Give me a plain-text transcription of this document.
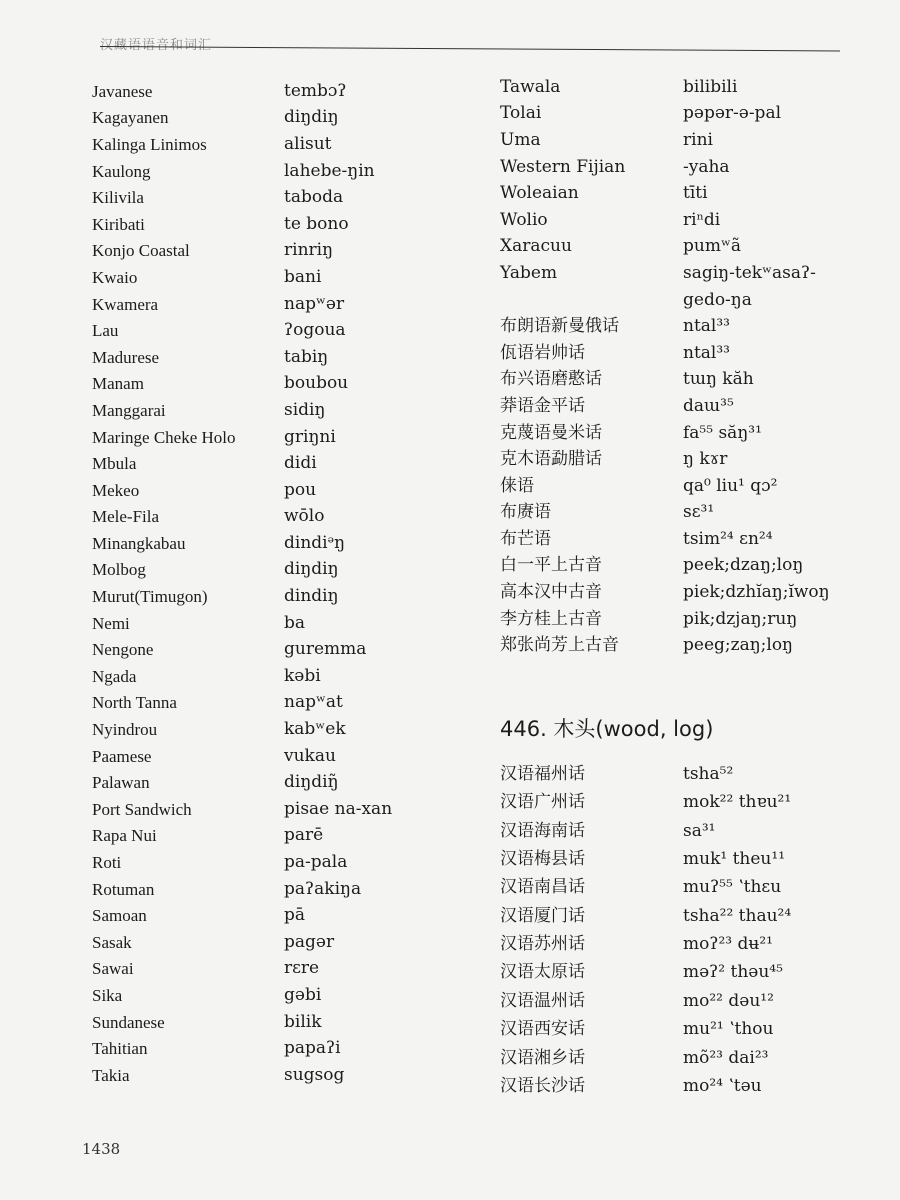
汉藏语语音和词汇
Javanese	tembɔʔ
Kagayanen	diŋdiŋ
Kalinga Linimos	alisut
Kaulong	lahebe-ŋin
Kilivila	taboda
Kiribati	te bono
Konjo Coastal	rinriŋ
Kwaio	bani
Kwamera	napʷər
Lau	ʔogoua
Madurese	tabiŋ
Manam	boubou
Manggarai	sidiŋ
Maringe Cheke Holo	griŋni
Mbula	didi
Mekeo	pou
Mele-Fila	wōlo
Minangkabau	dindiᵊŋ
Molbog	diŋdiŋ
Murut(Timugon)	dindiŋ
Nemi	ba
Nengone	guremma
Ngada	kəbi
North Tanna	napʷat
Nyindrou	kabʷek
Paamese	vukau
Palawan	diŋdiŋ̃
Port Sandwich	pisae na-xan
Rapa Nui	parē
Roti	pa-pala
Rotuman	paʔakiŋa
Samoan	pā
Sasak	pagər
Sawai	rɛre
Sika	gəbi
Sundanese	bilik
Tahitian	papaʔi
Takia	sugsog
Tawala	bilibili
Tolai	pəpər-ə-pal
Uma	rini
Western Fijian	-yaha
Woleaian	tīti
Wolio	riⁿdi
Xaracuu	pumʷã
Yabem	sagiŋ-tekʷasaʔ-
gedo-ŋa
布朗语新曼俄话	ntal³³
佤语岩帅话	ntal³³
布兴语磨憨话	tɯŋ kăh
莽语金平话	daɯ³⁵
克蔑语曼米话	fa⁵⁵ săŋ³¹
克木语勐腊话	ŋ kɤr
俫语	qa⁰ liu¹ qɔ²
布赓语	sɛ³¹
布芒语	tsim²⁴ ɛn²⁴
白一平上古音	peek;dzaŋ;loŋ
高本汉中古音	piek;dzhĭaŋ;ĭwoŋ
李方桂上古音	pik;dzjaŋ;ruŋ
郑张尚芳上古音	peeg;zaŋ;loŋ
446. 木头(wood, log)
汉语福州话	tsha⁵²
汉语广州话	mok²² thɐu²¹
汉语海南话	sa³¹
汉语梅县话	muk¹ theu¹¹
汉语南昌话	muʔ⁵⁵ ʽthɛu
汉语厦门话	tsha²² thau²⁴
汉语苏州话	moʔ²³ dʉ²¹
汉语太原话	məʔ² thəu⁴⁵
汉语温州话	mo²² dəu¹²
汉语西安话	mu²¹ ʽthou
汉语湘乡话	mõ²³ dai²³
汉语长沙话	mo²⁴ ʽtəu
1438
